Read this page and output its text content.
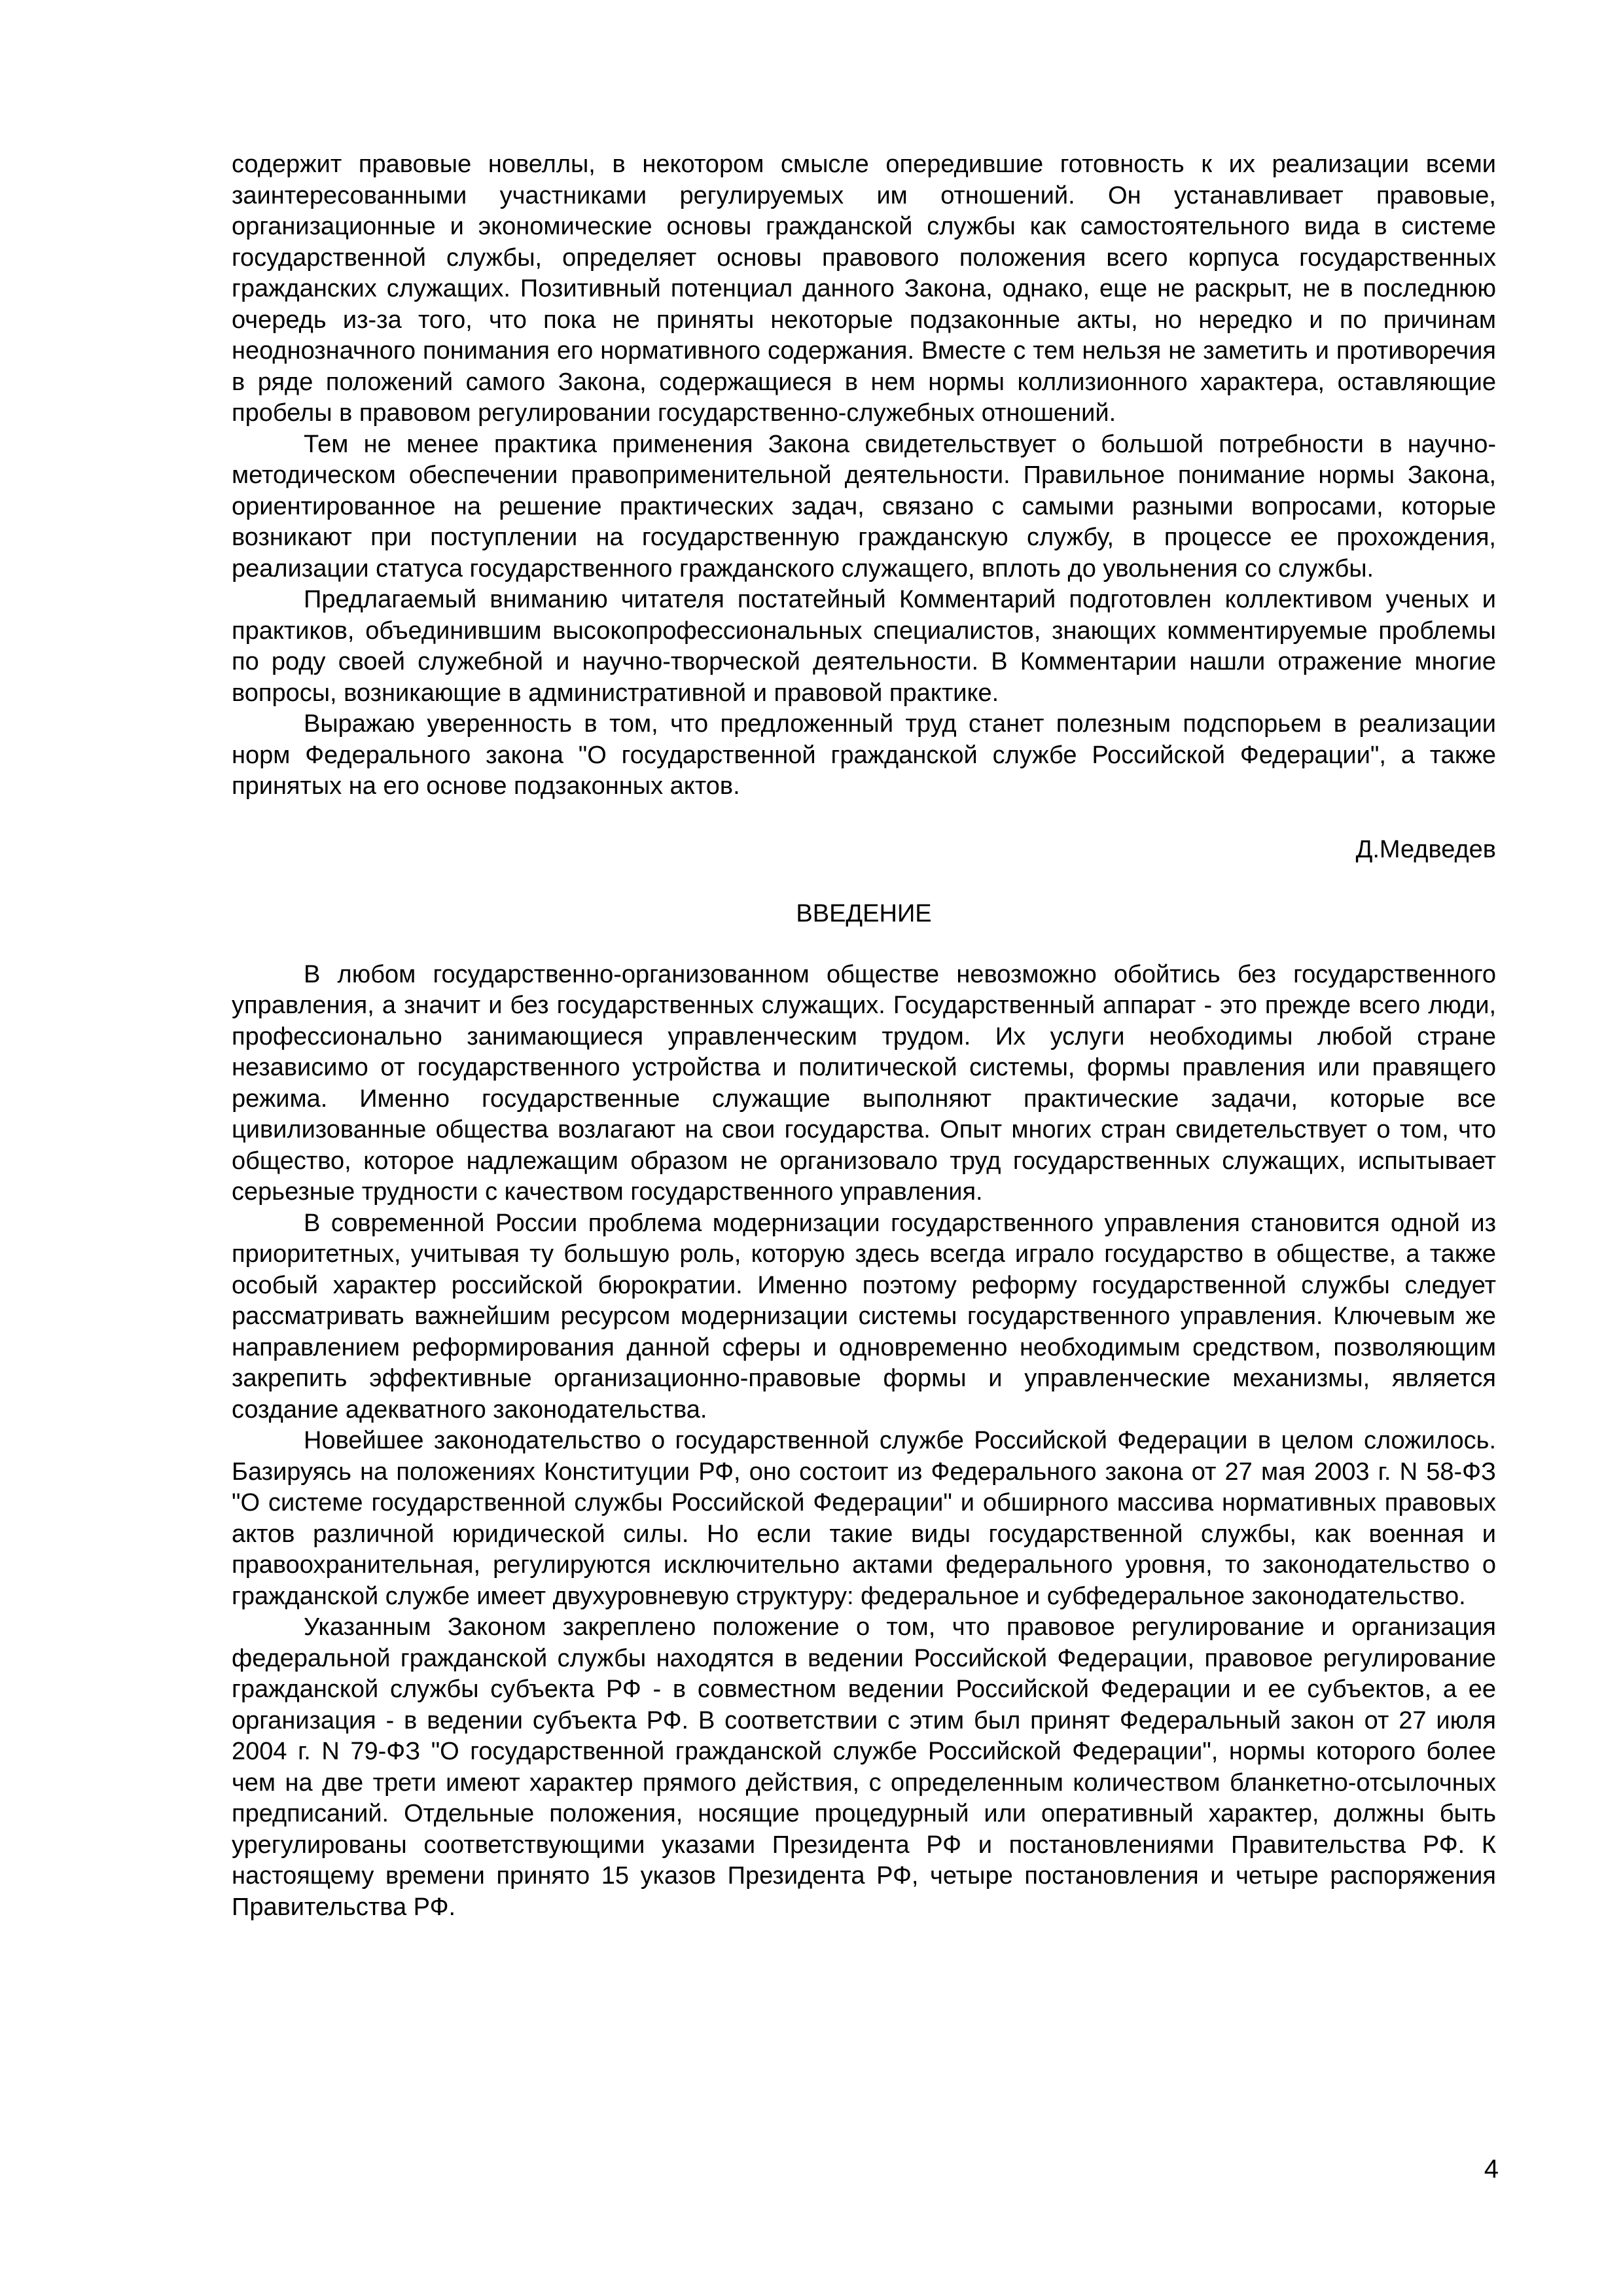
содержит правовые новеллы, в некотором смысле опередившие готовность к их реализации всеми заинтересованными участниками регулируемых им отношений. Он устанавливает правовые, организационные и экономические основы гражданской службы как самостоятельного вида в системе государственной службы, определяет основы правового положения всего корпуса государственных гражданских служащих. Позитивный потенциал данного Закона, однако, еще не раскрыт, не в последнюю очередь из-за того, что пока не приняты некоторые подзаконные акты, но нередко и по причинам неоднозначного понимания его нормативного содержания. Вместе с тем нельзя не заметить и противоречия в ряде положений самого Закона, содержащиеся в нем нормы коллизионного характера, оставляющие пробелы в правовом регулировании государственно-служебных отношений.

Тем не менее практика применения Закона свидетельствует о большой потребности в научно-методическом обеспечении правоприменительной деятельности. Правильное понимание нормы Закона, ориентированное на решение практических задач, связано с самыми разными вопросами, которые возникают при поступлении на государственную гражданскую службу, в процессе ее прохождения, реализации статуса государственного гражданского служащего, вплоть до увольнения со службы.

Предлагаемый вниманию читателя постатейный Комментарий подготовлен коллективом ученых и практиков, объединившим высокопрофессиональных специалистов, знающих комментируемые проблемы по роду своей служебной и научно-творческой деятельности. В Комментарии нашли отражение многие вопросы, возникающие в административной и правовой практике.

Выражаю уверенность в том, что предложенный труд станет полезным подспорьем в реализации норм Федерального закона "О государственной гражданской службе Российской Федерации", а также принятых на его основе подзаконных актов.

Д.Медведев
ВВЕДЕНИЕ

В любом государственно-организованном обществе невозможно обойтись без государственного управления, а значит и без государственных служащих. Государственный аппарат - это прежде всего люди, профессионально занимающиеся управленческим трудом. Их услуги необходимы любой стране независимо от государственного устройства и политической системы, формы правления или правящего режима. Именно государственные служащие выполняют практические задачи, которые все цивилизованные общества возлагают на свои государства. Опыт многих стран свидетельствует о том, что общество, которое надлежащим образом не организовало труд государственных служащих, испытывает серьезные трудности с качеством государственного управления.

В современной России проблема модернизации государственного управления становится одной из приоритетных, учитывая ту большую роль, которую здесь всегда играло государство в обществе, а также особый характер российской бюрократии. Именно поэтому реформу государственной службы следует рассматривать важнейшим ресурсом модернизации системы государственного управления. Ключевым же направлением реформирования данной сферы и одновременно необходимым средством, позволяющим закрепить эффективные организационно-правовые формы и управленческие механизмы, является создание адекватного законодательства.

Новейшее законодательство о государственной службе Российской Федерации в целом сложилось. Базируясь на положениях Конституции РФ, оно состоит из Федерального закона от 27 мая 2003 г. N 58-ФЗ "О системе государственной службы Российской Федерации" и обширного массива нормативных правовых актов различной юридической силы. Но если такие виды государственной службы, как военная и правоохранительная, регулируются исключительно актами федерального уровня, то законодательство о гражданской службе имеет двухуровневую структуру: федеральное и субфедеральное законодательство.

Указанным Законом закреплено положение о том, что правовое регулирование и организация федеральной гражданской службы находятся в ведении Российской Федерации, правовое регулирование гражданской службы субъекта РФ - в совместном ведении Российской Федерации и ее субъектов, а ее организация - в ведении субъекта РФ. В соответствии с этим был принят Федеральный закон от 27 июля 2004 г. N 79-ФЗ "О государственной гражданской службе Российской Федерации", нормы которого более чем на две трети имеют характер прямого действия, с определенным количеством бланкетно-отсылочных предписаний. Отдельные положения, носящие процедурный или оперативный характер, должны быть урегулированы соответствующими указами Президента РФ и постановлениями Правительства РФ. К настоящему времени принято 15 указов Президента РФ, четыре постановления и четыре распоряжения Правительства РФ.

4
